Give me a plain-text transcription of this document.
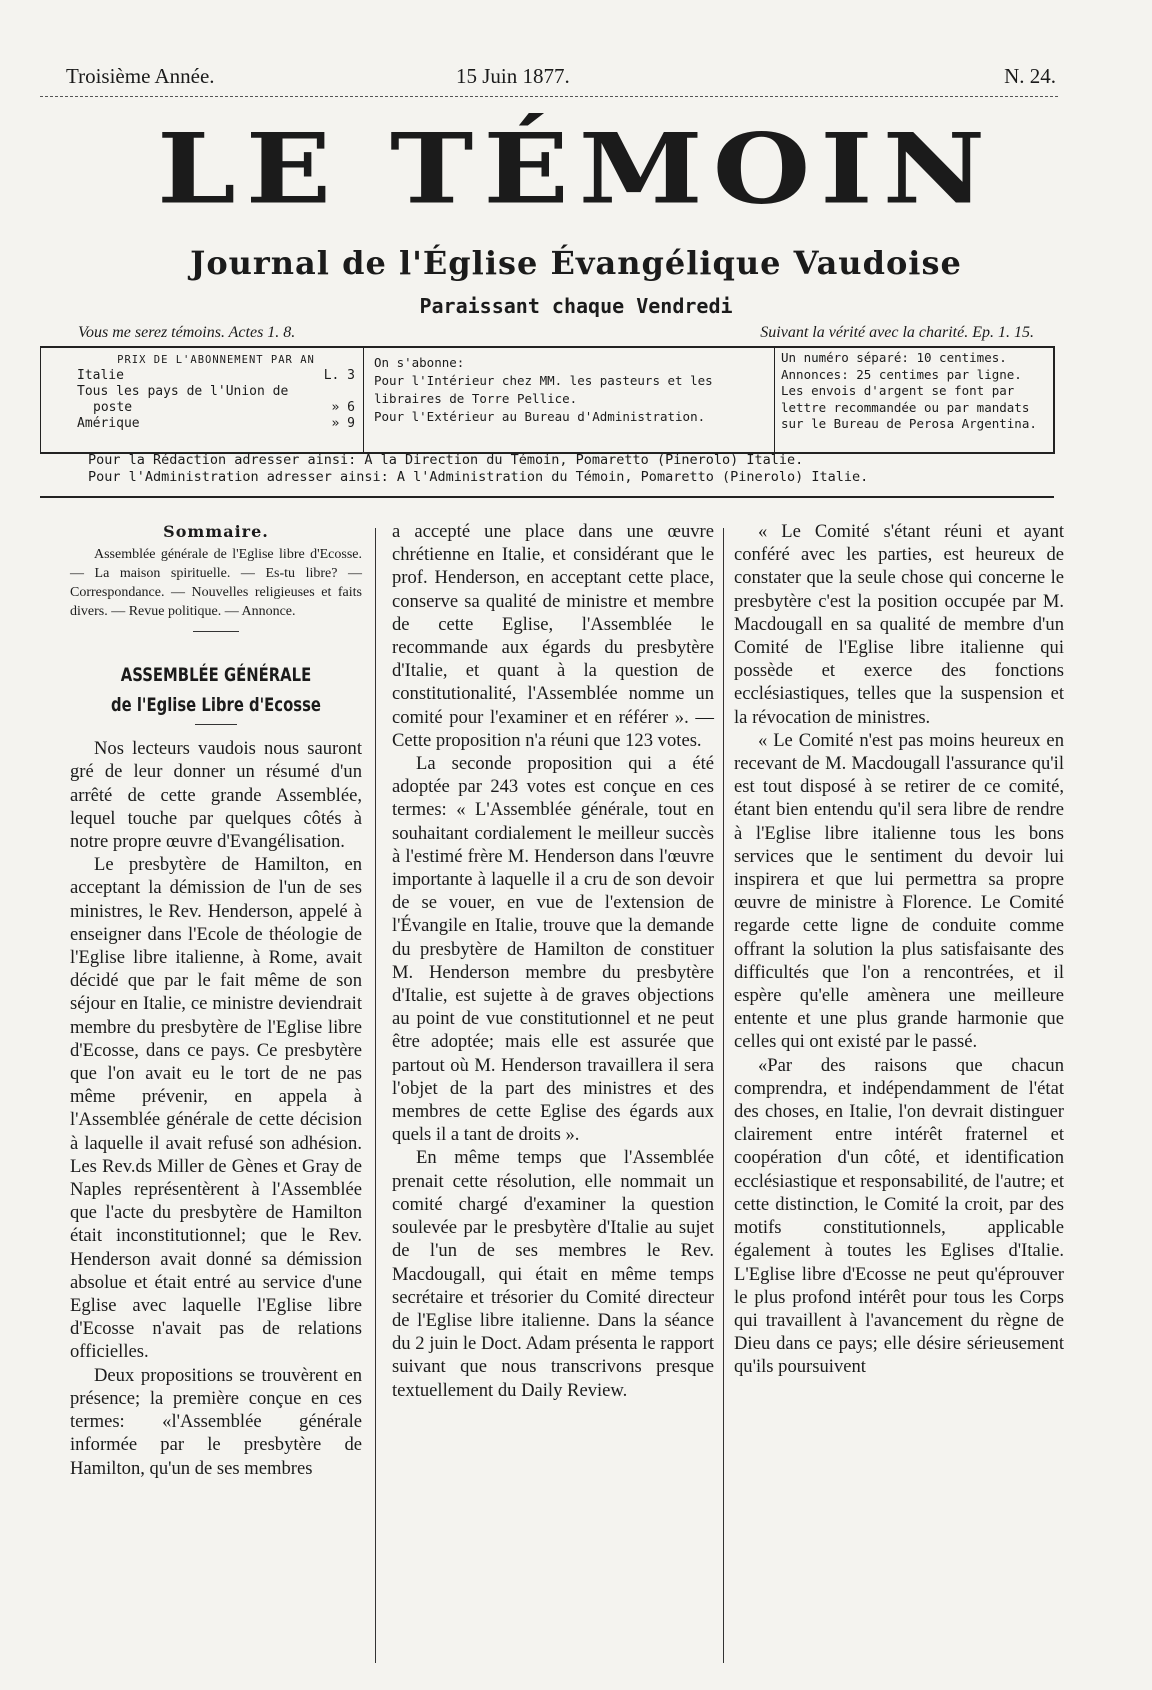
Troisième Année.	15 Juin 1877.	N. 24.
LE TÉMOIN
Journal de l'Église Évangélique Vaudoise
Paraissant chaque Vendredi
Vous me serez témoins. Actes 1. 8.	Suivant la vérité avec la charité. Ep. 1. 15.
PRIX DE L'ABONNEMENT PAR AN
Italie	L. 3
Tous les pays de l'Union de
poste	» 6
Amérique	» 9
On s'abonne:
Pour l'Intérieur chez MM. les pasteurs et les libraires de Torre Pellice.
Pour l'Extérieur au Bureau d'Administration.
Un numéro séparé: 10 centimes.
Annonces: 25 centimes par ligne.
Les envois d'argent se font par lettre recommandée ou par mandats sur le Bureau de Perosa Argentina.
Pour la Rédaction adresser ainsi: A la Direction du Témoin, Pomaretto (Pinerolo) Italie.
Pour l'Administration adresser ainsi: A l'Administration du Témoin, Pomaretto (Pinerolo) Italie.
Sommaire.
Assemblée générale de l'Eglise libre d'Ecosse. — La maison spirituelle. — Es-tu libre? — Correspondance. — Nouvelles religieuses et faits divers. — Revue politique. — Annonce.
ASSEMBLÉE GÉNÉRALE
de l'Eglise Libre d'Ecosse

Nos lecteurs vaudois nous sauront gré de leur donner un résumé d'un arrêté de cette grande Assemblée, lequel touche par quelques côtés à notre propre œuvre d'Evangélisation.

Le presbytère de Hamilton, en acceptant la démission de l'un de ses ministres, le Rev. Henderson, appelé à enseigner dans l'Ecole de théologie de l'Eglise libre italienne, à Rome, avait décidé que par le fait même de son séjour en Italie, ce ministre deviendrait membre du presbytère de l'Eglise libre d'Ecosse, dans ce pays. Ce presbytère que l'on avait eu le tort de ne pas même prévenir, en appela à l'Assemblée générale de cette décision à laquelle il avait refusé son adhésion. Les Rev.ds Miller de Gènes et Gray de Naples représentèrent à l'Assemblée que l'acte du presbytère de Hamilton était inconstitutionnel; que le Rev. Henderson avait donné sa démission absolue et était entré au service d'une Eglise avec laquelle l'Eglise libre d'Ecosse n'avait pas de relations officielles.

Deux propositions se trouvèrent en présence; la première conçue en ces termes: «l'Assemblée générale informée par le presbytère de Hamilton, qu'un de ses membres

a accepté une place dans une œuvre chrétienne en Italie, et considérant que le prof. Henderson, en acceptant cette place, conserve sa qualité de ministre et membre de cette Eglise, l'Assemblée le recommande aux égards du presbytère d'Italie, et quant à la question de constitutionalité, l'Assemblée nomme un comité pour l'examiner et en référer ». — Cette proposition n'a réuni que 123 votes.

La seconde proposition qui a été adoptée par 243 votes est conçue en ces termes: « L'Assemblée générale, tout en souhaitant cordialement le meilleur succès à l'estimé frère M. Henderson dans l'œuvre importante à laquelle il a cru de son devoir de se vouer, en vue de l'extension de l'Évangile en Italie, trouve que la demande du presbytère de Hamilton de constituer M. Henderson membre du presbytère d'Italie, est sujette à de graves objections au point de vue constitutionnel et ne peut être adoptée; mais elle est assurée que partout où M. Henderson travaillera il sera l'objet de la part des ministres et des membres de cette Eglise des égards aux quels il a tant de droits ».

En même temps que l'Assemblée prenait cette résolution, elle nommait un comité chargé d'examiner la question soulevée par le presbytère d'Italie au sujet de l'un de ses membres le Rev. Macdougall, qui était en même temps secrétaire et trésorier du Comité directeur de l'Eglise libre italienne. Dans la séance du 2 juin le Doct. Adam présenta le rapport suivant que nous transcrivons presque textuellement du Daily Review.

« Le Comité s'étant réuni et ayant conféré avec les parties, est heureux de constater que la seule chose qui concerne le presbytère c'est la position occupée par M. Macdougall en sa qualité de membre d'un Comité de l'Eglise libre italienne qui possède et exerce des fonctions ecclésiastiques, telles que la suspension et la révocation de ministres.

« Le Comité n'est pas moins heureux en recevant de M. Macdougall l'assurance qu'il est tout disposé à se retirer de ce comité, étant bien entendu qu'il sera libre de rendre à l'Eglise libre italienne tous les bons services que le sentiment du devoir lui inspirera et que lui permettra sa propre œuvre de ministre à Florence. Le Comité regarde cette ligne de conduite comme offrant la solution la plus satisfaisante des difficultés que l'on a rencontrées, et il espère qu'elle amènera une meilleure entente et une plus grande harmonie que celles qui ont existé par le passé.

«Par des raisons que chacun comprendra, et indépendamment de l'état des choses, en Italie, l'on devrait distinguer clairement entre intérêt fraternel et coopération d'un côté, et identification ecclésiastique et responsabilité, de l'autre; et cette distinction, le Comité la croit, par des motifs constitutionnels, applicable également à toutes les Eglises d'Italie. L'Eglise libre d'Ecosse ne peut qu'éprouver le plus profond intérêt pour tous les Corps qui travaillent à l'avancement du règne de Dieu dans ce pays; elle désire sérieusement qu'ils poursuivent
